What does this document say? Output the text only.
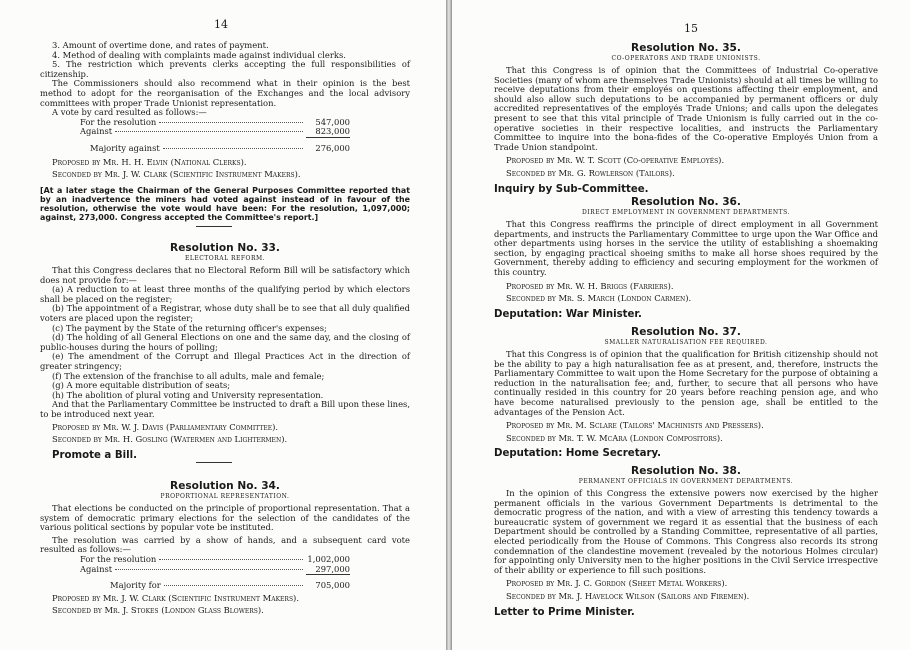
14

3. Amount of overtime done, and rates of payment.

4. Method of dealing with complaints made against individual clerks.

5. The restriction which prevents clerks accepting the full responsibilities of citizenship.

The Commissioners should also recommend what in their opinion is the best method to adopt for the reorganisation of the Exchanges and the local advisory committees with proper Trade Unionist representation.

A vote by card resulted as follows:—

For the resolution	547,000
Against	823,000
Majority against	276,000

Proposed by Mr. H. H. Elvin (National Clerks).

Seconded by Mr. J. W. Clark (Scientific Instrument Makers).

[At a later stage the Chairman of the General Purposes Committee reported that by an inadvertence the miners had voted against instead of in favour of the resolution, otherwise the vote would have been: For the resolution, 1,097,000; against, 273,000. Congress accepted the Committee's report.]

Resolution No. 33.

ELECTORAL REFORM.

That this Congress declares that no Electoral Reform Bill will be satisfactory which does not provide for:—

(a) A reduction to at least three months of the qualifying period by which electors shall be placed on the register;

(b) The appointment of a Registrar, whose duty shall be to see that all duly qualified voters are placed upon the register;

(c) The payment by the State of the returning officer's expenses;

(d) The holding of all General Elections on one and the same day, and the closing of public-houses during the hours of polling;

(e) The amendment of the Corrupt and Illegal Practices Act in the direction of greater stringency;

(f) The extension of the franchise to all adults, male and female;

(g) A more equitable distribution of seats;

(h) The abolition of plural voting and University representation.

And that the Parliamentary Committee be instructed to draft a Bill upon these lines, to be introduced next year.

Proposed by Mr. W. J. Davis (Parliamentary Committee).

Seconded by Mr. H. Gosling (Watermen and Lightermen).

Promote a Bill.

Resolution No. 34.

PROPORTIONAL REPRESENTATION.

That elections be conducted on the principle of proportional representation. That a system of democratic primary elections for the selection of the candidates of the various political sections by popular vote be instituted.

The resolution was carried by a show of hands, and a subsequent card vote resulted as follows:—

For the resolution	1,002,000
Against	297,000
Majority for	705,000

Proposed by Mr. J. W. Clark (Scientific Instrument Makers).

Seconded by Mr. J. Stokes (London Glass Blowers).

15

Resolution No. 35.

CO-OPERATORS AND TRADE UNIONISTS.

That this Congress is of opinion that the Committees of Industrial Co-operative Societies (many of whom are themselves Trade Unionists) should at all times be willing to receive deputations from their employés on questions affecting their employment, and should also allow such deputations to be accompanied by permanent officers or duly accredited representatives of the employés Trade Unions; and calls upon the delegates present to see that this vital principle of Trade Unionism is fully carried out in the co-operative societies in their respective localities, and instructs the Parliamentary Committee to inquire into the bona-fides of the Co-operative Employés Union from a Trade Union standpoint.

Proposed by Mr. W. T. Scott (Co-operative Employés).

Seconded by Mr. G. Rowlerson (Tailors).

Inquiry by Sub-Committee.

Resolution No. 36.

DIRECT EMPLOYMENT IN GOVERNMENT DEPARTMENTS.

That this Congress reaffirms the principle of direct employment in all Government departments, and instructs the Parliamentary Committee to urge upon the War Office and other departments using horses in the service the utility of establishing a shoemaking section, by engaging practical shoeing smiths to make all horse shoes required by the Government, thereby adding to efficiency and securing employment for the workmen of this country.

Proposed by Mr. W. H. Briggs (Farriers).

Seconded by Mr. S. March (London Carmen).

Deputation: War Minister.

Resolution No. 37.

SMALLER NATURALISATION FEE REQUIRED.

That this Congress is of opinion that the qualification for British citizenship should not be the ability to pay a high naturalisation fee as at present, and, therefore, instructs the Parliamentary Committee to wait upon the Home Secretary for the purpose of obtaining a reduction in the naturalisation fee; and, further, to secure that all persons who have continually resided in this country for 20 years before reaching pension age, and who have become naturalised previously to the pension age, shall be entitled to the advantages of the Pension Act.

Proposed by Mr. M. Sclare (Tailors' Machinists and Pressers).

Seconded by Mr. T. W. McAra (London Compositors).

Deputation: Home Secretary.

Resolution No. 38.

PERMANENT OFFICIALS IN GOVERNMENT DEPARTMENTS.

In the opinion of this Congress the extensive powers now exercised by the higher permanent officials in the various Government Departments is detrimental to the democratic progress of the nation, and with a view of arresting this tendency towards a bureaucratic system of government we regard it as essential that the business of each Department should be controlled by a Standing Committee, representative of all parties, elected periodically from the House of Commons. This Congress also records its strong condemnation of the clandestine movement (revealed by the notorious Holmes circular) for appointing only University men to the higher positions in the Civil Service irrespective of their ability or experience to fill such positions.

Proposed by Mr. J. C. Gordon (Sheet Metal Workers).

Seconded by Mr. J. Havelock Wilson (Sailors and Firemen).

Letter to Prime Minister.
